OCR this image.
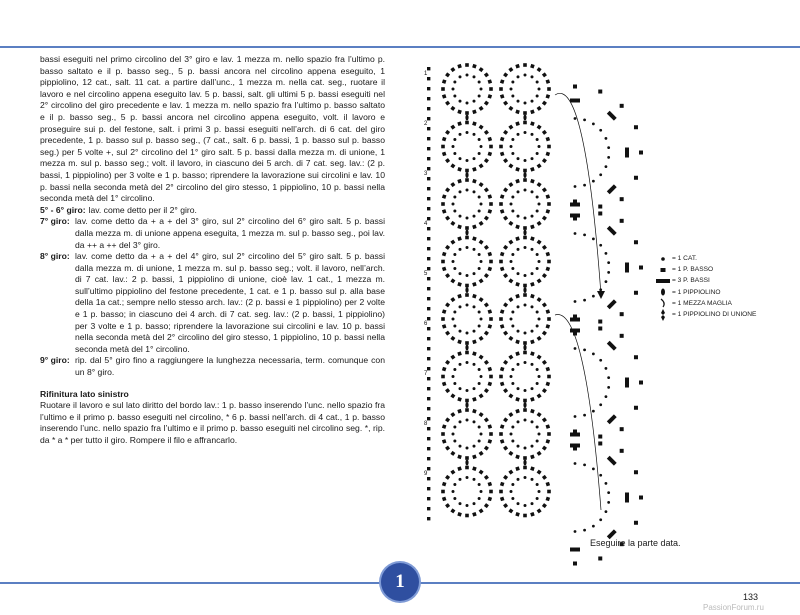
bassi eseguiti nel primo circolino del 3° giro e lav. 1 mezza m. nello spazio fra l’ultimo p. basso saltato e il p. basso seg., 5 p. bassi ancora nel circolino appena eseguito, 1 pippiolino, 12 cat., salt. 11 cat. a partire dall’unc., 1 mezza m. nella cat. seg., ruotare il lavoro e nel circolino appena eseguito lav. 5 p. bassi, salt. gli ultimi 5 p. bassi eseguiti nel 2° circolino del giro precedente e lav. 1 mezza m. nello spazio fra l’ultimo p. basso saltato e il p. basso seg., 5 p. bassi ancora nel circolino appena eseguito, volt. il lavoro e proseguire sui p. del festone, salt. i primi 3 p. bassi eseguiti nell’arch. di 6 cat. del giro precedente, 1 p. basso sul p. basso seg., (7 cat., salt. 6 p. bassi, 1 p. basso sul p. basso seg.) per 5 volte +, sul 2° circolino del 1° giro salt. 5 p. bassi dalla mezza m. di unione, 1 mezza m. sul p. basso seg.; volt. il lavoro, in ciascuno dei 5 arch. di 7 cat. seg. lav.: (2 p. bassi, 1 pippiolino) per 3 volte e 1 p. basso; riprendere la lavorazione sui circolini e lav. 10 p. bassi nella seconda metà del 2° circolino del giro stesso, 1 pippiolino, 10 p. bassi nella seconda metà del 1° circolino.

5° - 6° giro: lav. come detto per il 2° giro.
7° giro: lav. come detto da + a + del 3° giro, sul 2° circolino del 6° giro salt. 5 p. bassi dalla mezza m. di unione appena eseguita, 1 mezza m. sul p. basso seg., poi lav. da ++ a ++ del 3° giro.
8° giro: lav. come detto da + a + del 4° giro, sul 2° circolino del 5° giro salt. 5 p. bassi dalla mezza m. di unione, 1 mezza m. sul p. basso seg.; volt. il lavoro, nell’arch. di 7 cat. lav.: 2 p. bassi, 1 pippiolino di unione, cioè lav. 1 cat., 1 mezza m. sull’ultimo pippiolino del festone precedente, 1 cat. e 1 p. basso sul p. alla base della 1a cat.; sempre nello stesso arch. lav.: (2 p. bassi e 1 pippiolino) per 2 volte e 1 p. basso; in ciascuno dei 4 arch. di 7 cat. seg. lav.: (2 p. bassi, 1 pippiolino) per 3 volte e 1 p. basso; riprendere la lavorazione sui circolini e lav. 10 p. bassi nella seconda metà del 2° circolino del giro stesso, 1 pippiolino, 10 p. bassi nella seconda metà del 1° circolino.
9° giro: rip. dal 5° giro fino a raggiungere la lunghezza necessaria, term. comunque con un 8° giro.
Rifinitura lato sinistro

Ruotare il lavoro e sul lato diritto del bordo lav.: 1 p. basso inserendo l’unc. nello spazio fra l’ultimo e il primo p. basso eseguiti nel circolino, * 6 p. bassi nell’arch. di 4 cat., 1 p. basso inserendo l’unc. nello spazio fra l’ultimo e il primo p. basso eseguiti nel circolino seg. *, rip. da * a * per tutto il giro. Rompere il filo e affrancarlo.

1
2
3
4
5
6
7
8
9
= 1 CAT.
= 1 P. BASSO
= 3 P. BASSI
= 1 PIPPIOLINO
= 1 MEZZA MAGLIA
= 1 PIPPIOLINO DI UNIONE
Eseguire la parte data.
1
133
PassionForum.ru
